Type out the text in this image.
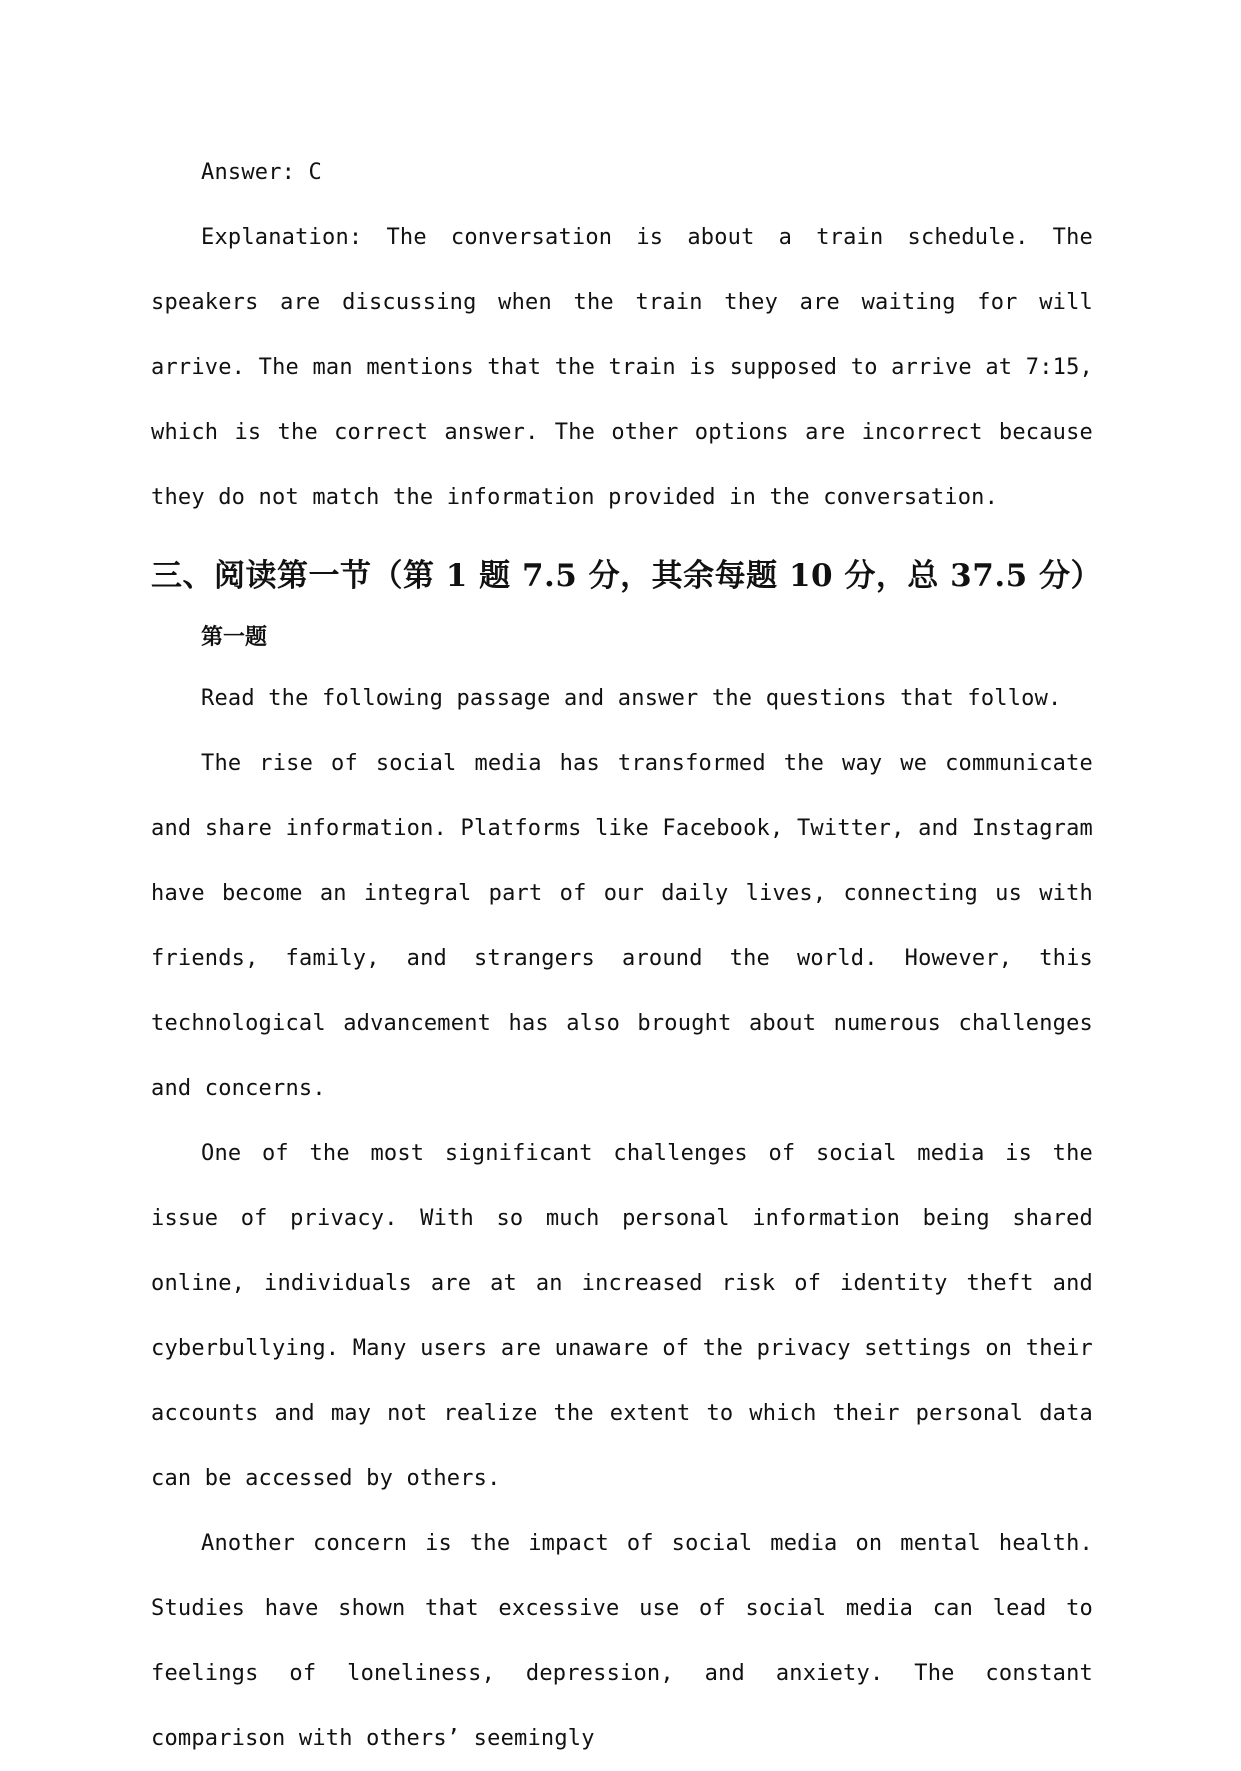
Answer: C

Explanation: The conversation is about a train schedule. The speakers are discussing when the train they are waiting for will arrive. The man mentions that the train is supposed to arrive at 7:15, which is the correct answer. The other options are incorrect because they do not match the information provided in the conversation.

三、阅读第一节（第 1 题 7.5 分，其余每题 10 分，总 37.5 分）
第一题

Read the following passage and answer the questions that follow.

The rise of social media has transformed the way we communicate and share information. Platforms like Facebook, Twitter, and Instagram have become an integral part of our daily lives, connecting us with friends, family, and strangers around the world. However, this technological advancement has also brought about numerous challenges and concerns.

One of the most significant challenges of social media is the issue of privacy. With so much personal information being shared online, individuals are at an increased risk of identity theft and cyberbullying. Many users are unaware of the privacy settings on their accounts and may not realize the extent to which their personal data can be accessed by others.

Another concern is the impact of social media on mental health. Studies have shown that excessive use of social media can lead to feelings of loneliness, depression, and anxiety. The constant comparison with others’ seemingly
